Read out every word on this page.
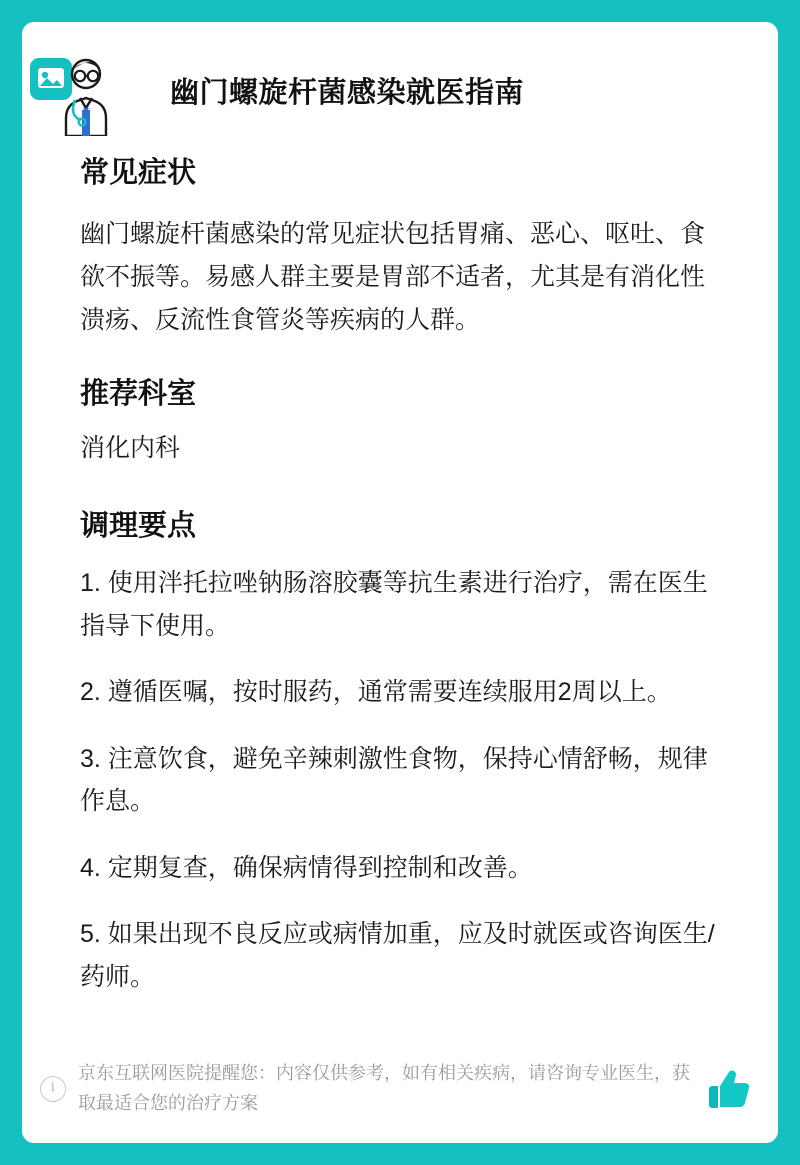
幽门螺旋杆菌感染就医指南
常见症状

幽门螺旋杆菌感染的常见症状包括胃痛、恶心、呕吐、食欲不振等。易感人群主要是胃部不适者，尤其是有消化性溃疡、反流性食管炎等疾病的人群。

推荐科室

消化内科

调理要点
1. 使用泮托拉唑钠肠溶胶囊等抗生素进行治疗，需在医生指导下使用。
2. 遵循医嘱，按时服药，通常需要连续服用2周以上。
3. 注意饮食，避免辛辣刺激性食物，保持心情舒畅，规律作息。
4. 定期复查，确保病情得到控制和改善。
5. 如果出现不良反应或病情加重，应及时就医或咨询医生/药师。
i
京东互联网医院提醒您：内容仅供参考，如有相关疾病，请咨询专业医生，获取最适合您的治疗方案
